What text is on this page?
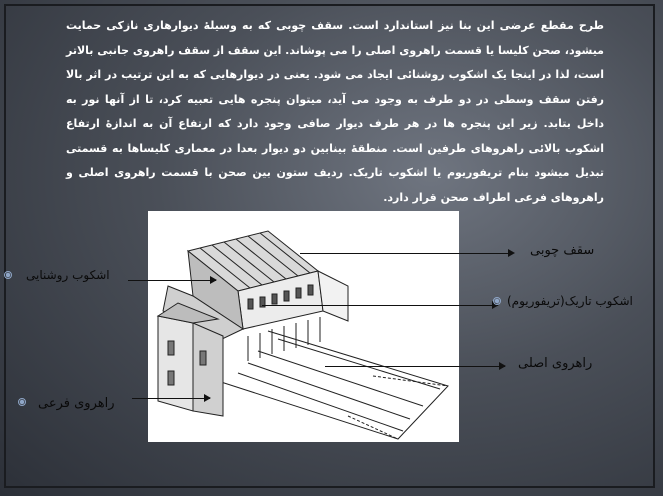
طرح مقطع عرضی این بنا نیز استاندارد است. سقف چوبی که به وسیلهٔ دیوارهاری نازکی حمایت میشود، صحن کلیسا یا قسمت راهروی اصلی را می پوشاند. این سقف از سقف راهروی جانبی بالاتر است، لذا در اینجا یک اشکوب روشنائی ایجاد می شود. یعنی در دیوارهایی که به این ترتیب در اثر بالا رفتن سقف وسطی در دو طرف به وجود می آید، میتوان پنجره هایی تعبیه کرد، تا از آنها نور به داخل بتابد. زیر این پنجره ها در هر طرف دیوار صافی وجود دارد که ارتفاع آن به اندازهٔ ارتفاع اشکوب بالائی راهروهای طرفین است. منطقهٔ بینابین دو دیوار بعدا در معماری کلیساها به قسمتی تبدیل میشود بنام تریفوریوم یا اشکوب تاریک. ردیف ستون بین صحن با قسمت راهروی اصلی و راهروهای فرعی اطراف صحن قرار دارد.
سقف چوبی
اشکوب روشنایی
اشکوب تاریک(تریفوریوم)
راهروی اصلی
راهروی فرعی
